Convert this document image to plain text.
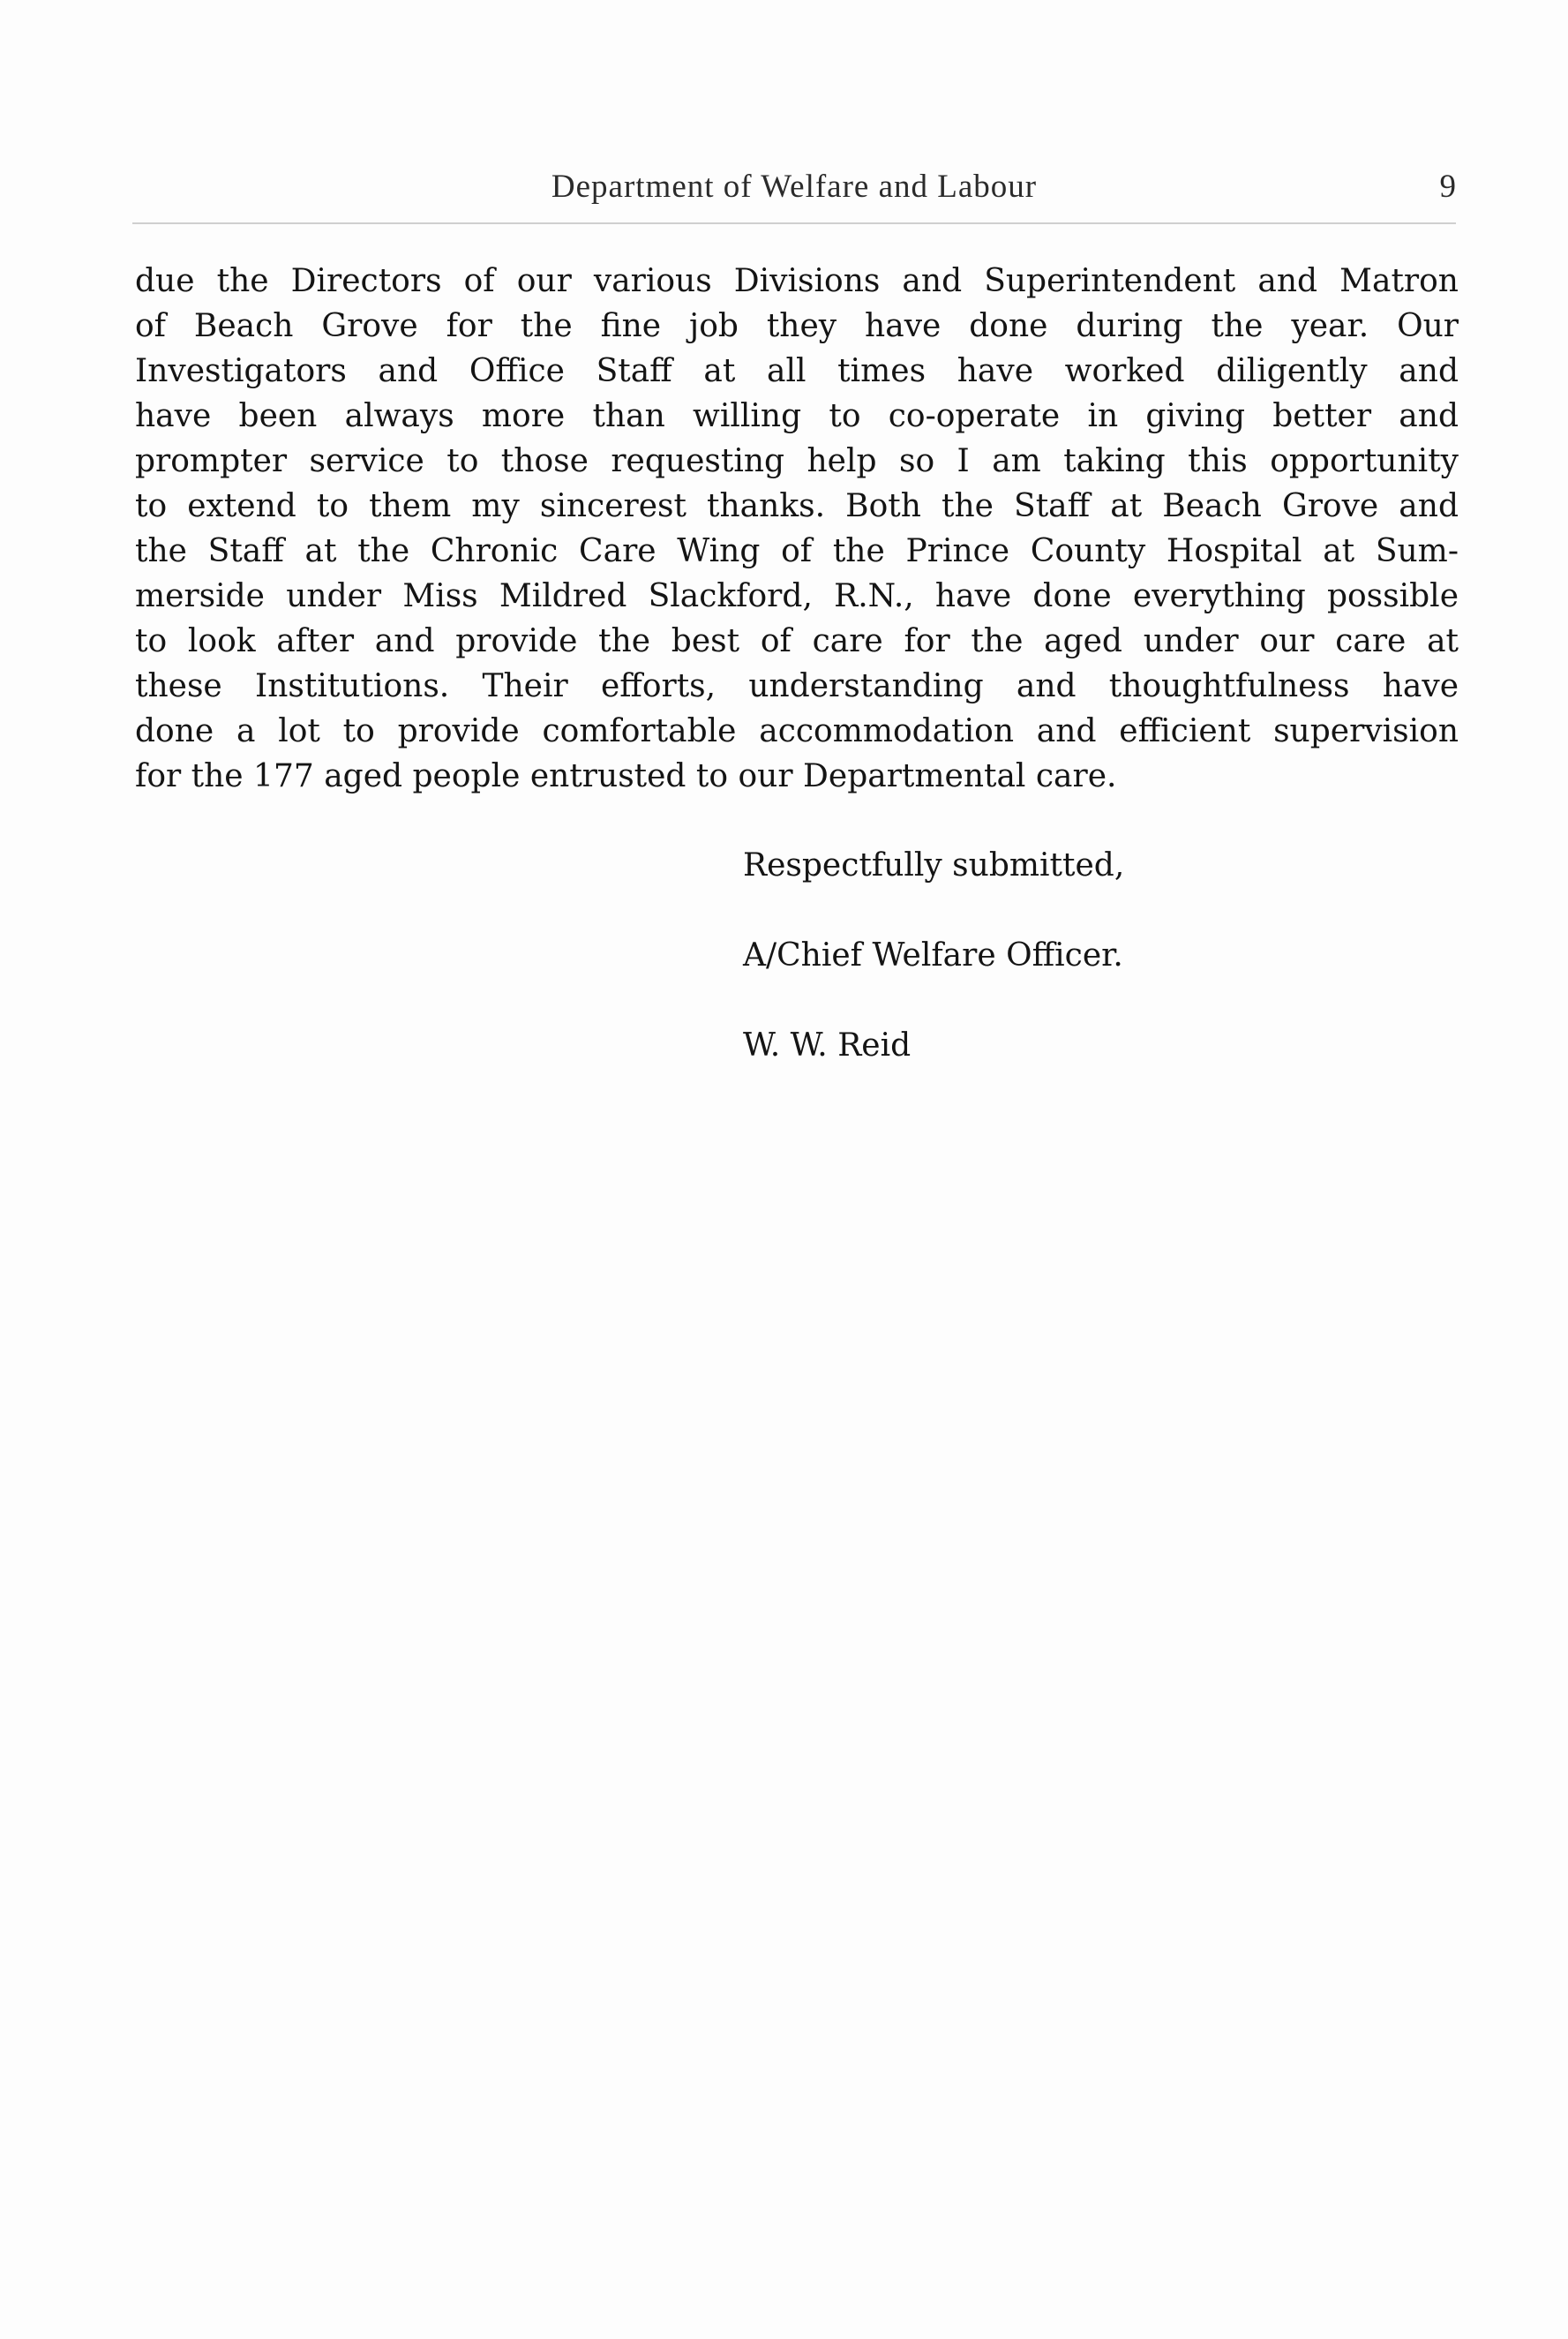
Department of Welfare and Labour	9
due the Directors of our various Divisions and Superintendent and Matron
of Beach Grove for the fine job they have done during the year. Our
Investigators and Office Staff at all times have worked diligently and
have been always more than willing to co-operate in giving better and
prompter service to those requesting help so I am taking this opportunity
to extend to them my sincerest thanks. Both the Staff at Beach Grove and
the Staff at the Chronic Care Wing of the Prince County Hospital at Sum-
merside under Miss Mildred Slackford, R.N., have done everything possible
to look after and provide the best of care for the aged under our care at
these Institutions. Their efforts, understanding and thoughtfulness have
done a lot to provide comfortable accommodation and efficient supervision
for the 177 aged people entrusted to our Departmental care.
Respectfully submitted,
A/Chief Welfare Officer.
W. W. Reid
